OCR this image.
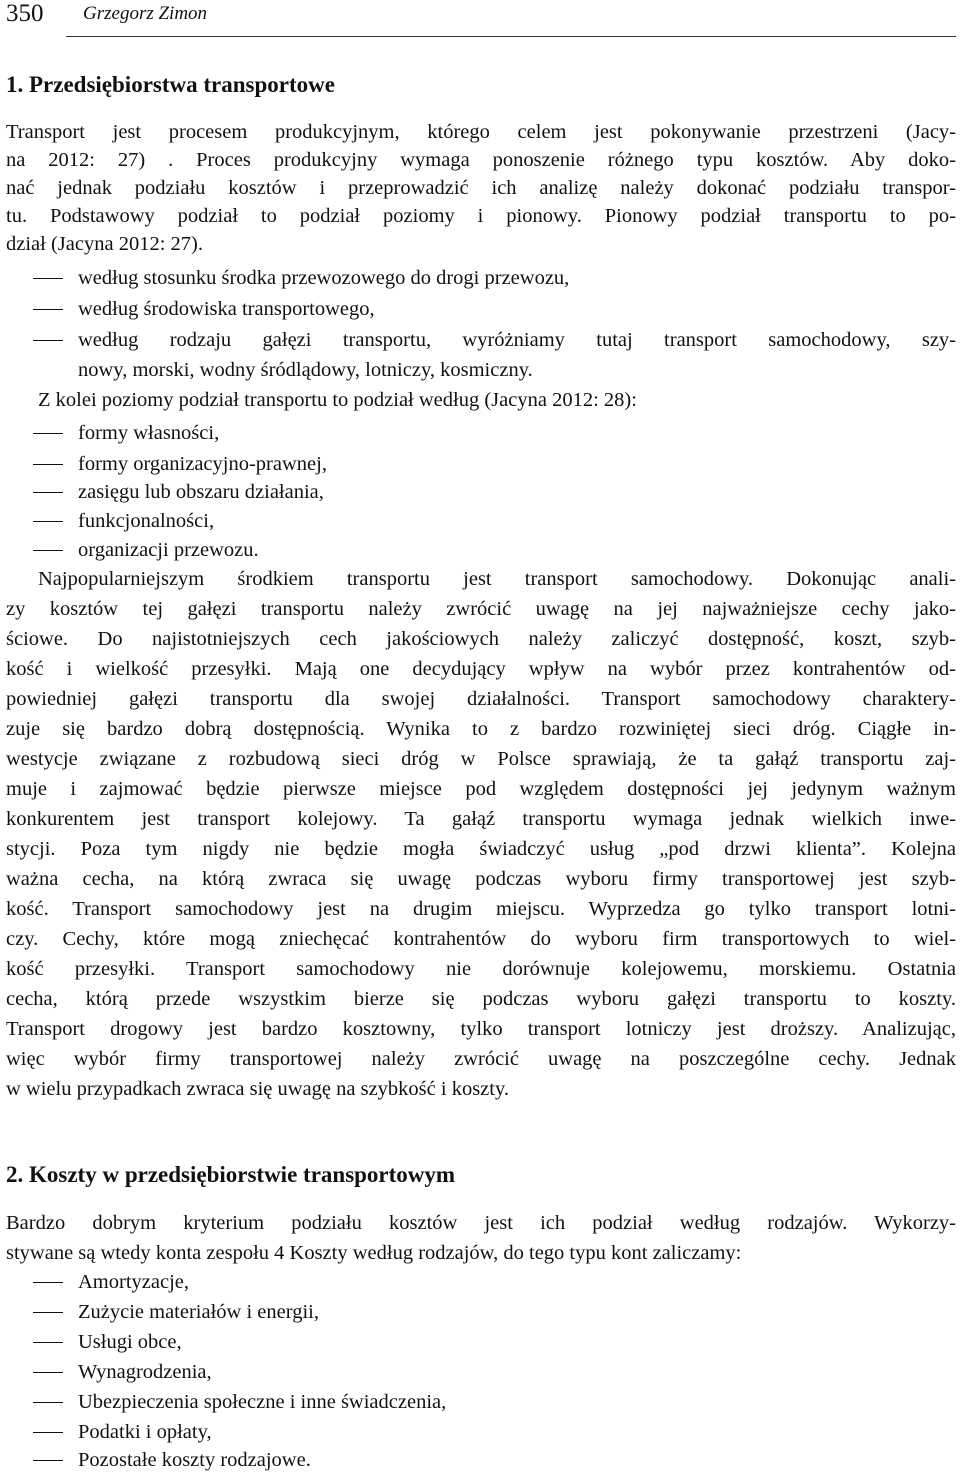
350 Grzegorz Zimon
1. Przedsiębiorstwa transportowe
Transport jest procesem produkcyjnym, którego celem jest pokonywanie przestrzeni (Jacy-
na 2012: 27) . Proces produkcyjny wymaga ponoszenie różnego typu kosztów. Aby doko-
nać jednak podziału kosztów i przeprowadzić ich analizę należy dokonać podziału transpor-
tu. Podstawowy podział to podział poziomy i pionowy. Pionowy podział transportu to po-
dział (Jacyna 2012: 27).
według stosunku środka przewozowego do drogi przewozu,
według środowiska transportowego,
według rodzaju gałęzi transportu, wyróżniamy tutaj transport samochodowy, szy-
nowy, morski, wodny śródlądowy, lotniczy, kosmiczny.
Z kolei poziomy podział transportu to podział według (Jacyna 2012: 28):
formy własności,
formy organizacyjno-prawnej,
zasięgu lub obszaru działania,
funkcjonalności,
organizacji przewozu.
Najpopularniejszym środkiem transportu jest transport samochodowy. Dokonując anali-
zy kosztów tej gałęzi transportu należy zwrócić uwagę na jej najważniejsze cechy jako-
ściowe. Do najistotniejszych cech jakościowych należy zaliczyć dostępność, koszt, szyb-
kość i wielkość przesyłki. Mają one decydujący wpływ na wybór przez kontrahentów od-
powiedniej gałęzi transportu dla swojej działalności. Transport samochodowy charaktery-
zuje się bardzo dobrą dostępnością. Wynika to z bardzo rozwiniętej sieci dróg. Ciągłe in-
westycje związane z rozbudową sieci dróg w Polsce sprawiają, że ta gałąź transportu zaj-
muje i zajmować będzie pierwsze miejsce pod względem dostępności jej jedynym ważnym
konkurentem jest transport kolejowy. Ta gałąź transportu wymaga jednak wielkich inwe-
stycji. Poza tym nigdy nie będzie mogła świadczyć usług „pod drzwi klienta”. Kolejna
ważna cecha, na którą zwraca się uwagę podczas wyboru firmy transportowej jest szyb-
kość. Transport samochodowy jest na drugim miejscu. Wyprzedza go tylko transport lotni-
czy. Cechy, które mogą zniechęcać kontrahentów do wyboru firm transportowych to wiel-
kość przesyłki. Transport samochodowy nie dorównuje kolejowemu, morskiemu. Ostatnia
cecha, którą przede wszystkim bierze się podczas wyboru gałęzi transportu to koszty.
Transport drogowy jest bardzo kosztowny, tylko transport lotniczy jest droższy. Analizując,
więc wybór firmy transportowej należy zwrócić uwagę na poszczególne cechy. Jednak
w wielu przypadkach zwraca się uwagę na szybkość i koszty.
2. Koszty w przedsiębiorstwie transportowym
Bardzo dobrym kryterium podziału kosztów jest ich podział według rodzajów. Wykorzy-
stywane są wtedy konta zespołu 4 Koszty według rodzajów, do tego typu kont zaliczamy:
Amortyzacje,
Zużycie materiałów i energii,
Usługi obce,
Wynagrodzenia,
Ubezpieczenia społeczne i inne świadczenia,
Podatki i opłaty,
Pozostałe koszty rodzajowe.
